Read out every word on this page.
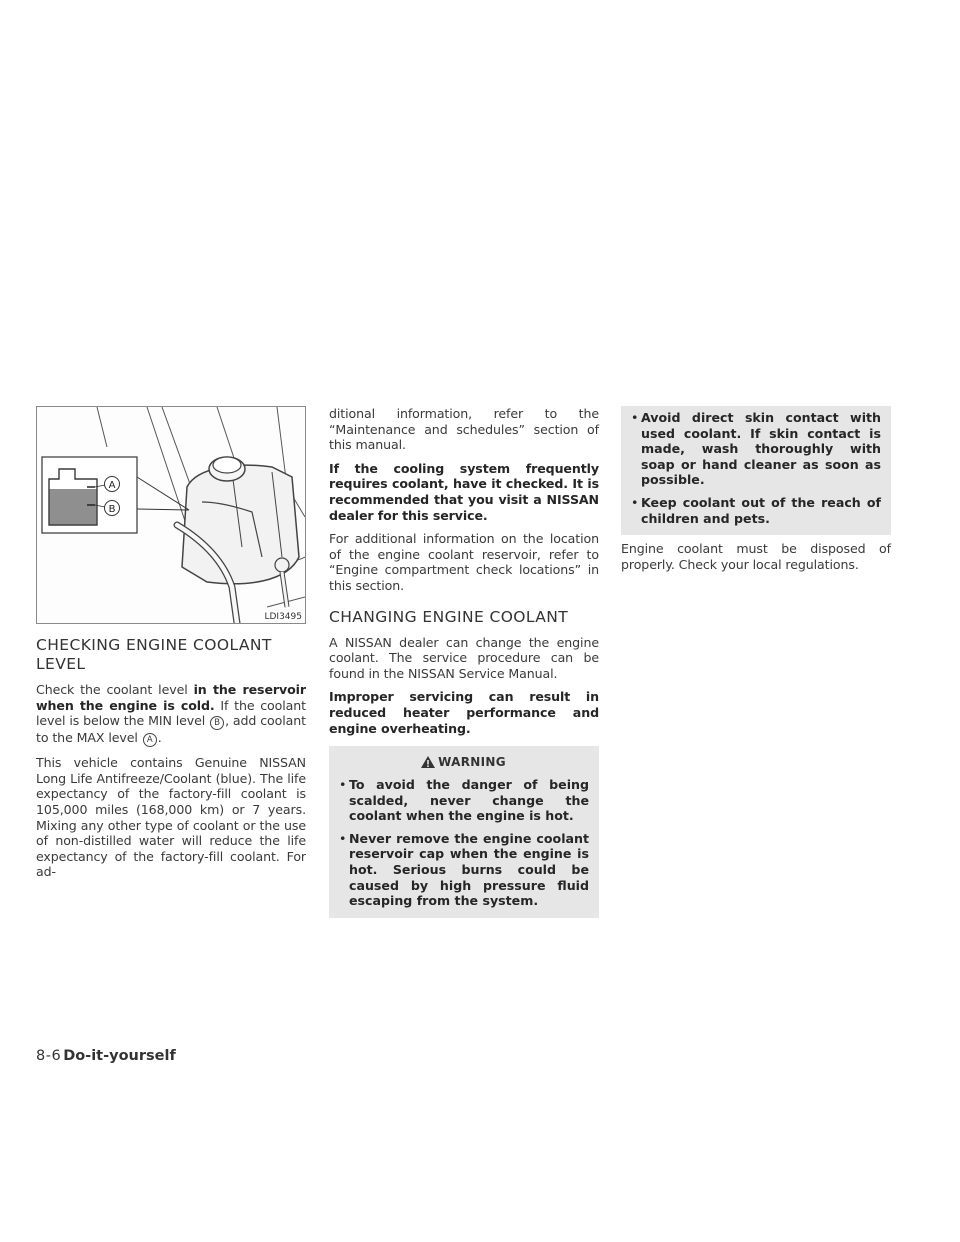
A
B
LDI3495
CHECKING ENGINE COOLANT LEVEL

Check the coolant level in the reservoir when the engine is cold. If the coolant level is below the MIN level B , add coolant to the MAX level A .

This vehicle contains Genuine NISSAN Long Life Antifreeze/Coolant (blue). The life expectancy of the factory-fill coolant is 105,000 miles (168,000 km) or 7 years. Mixing any other type of coolant or the use of non-distilled water will reduce the life expectancy of the factory-fill coolant. For ad-

ditional information, refer to the “Maintenance and schedules” section of this manual.

If the cooling system frequently requires coolant, have it checked. It is recommended that you visit a NISSAN dealer for this service.

For additional information on the location of the engine coolant reservoir, refer to “Engine compartment check locations” in this section.

CHANGING ENGINE COOLANT

A NISSAN dealer can change the engine coolant. The service procedure can be found in the NISSAN Service Manual.

Improper servicing can result in reduced heater performance and engine overheating.

WARNING
• To avoid the danger of being scalded, never change the coolant when the engine is hot.
• Never remove the engine coolant reservoir cap when the engine is hot. Serious burns could be caused by high pressure fluid escaping from the system.
• Avoid direct skin contact with used coolant. If skin contact is made, wash thoroughly with soap or hand cleaner as soon as possible.
• Keep coolant out of the reach of children and pets.

Engine coolant must be disposed of properly. Check your local regulations.

8-6 Do-it-yourself
